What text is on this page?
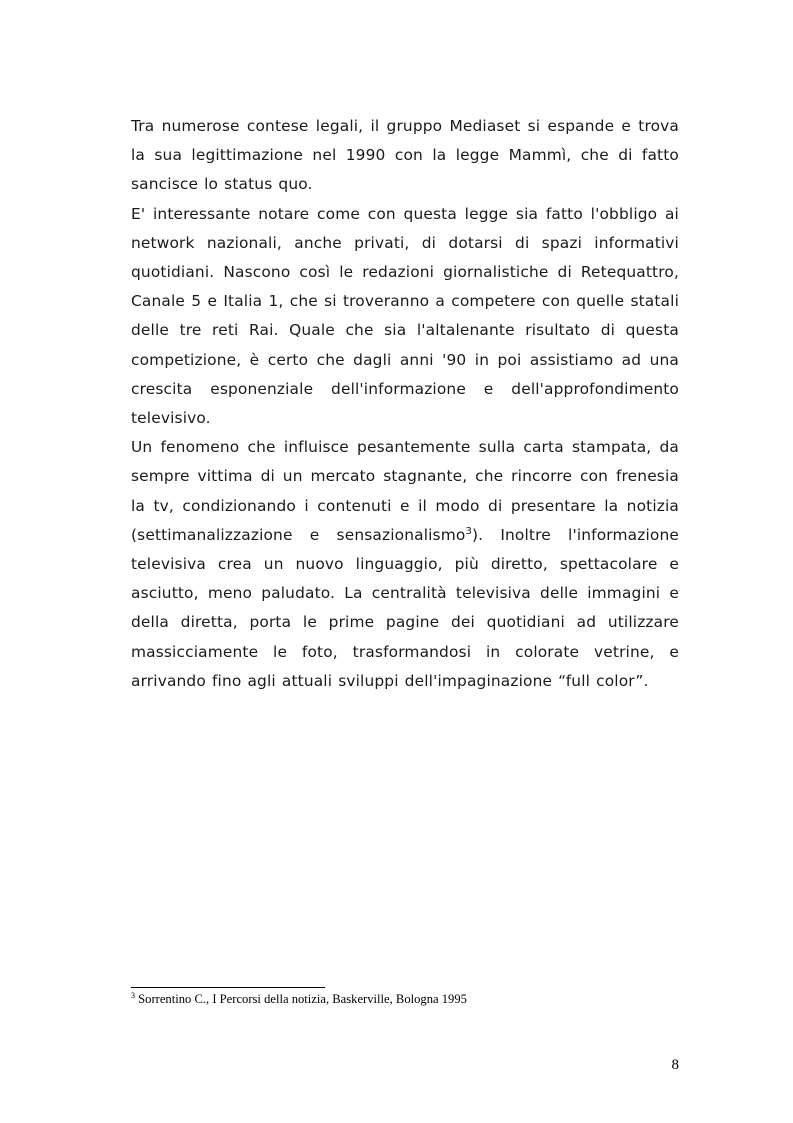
Tra numerose contese legali, il gruppo Mediaset si espande e trova la sua legittimazione nel 1990 con la legge Mammì, che di fatto sancisce lo status quo.

E' interessante notare come con questa legge sia fatto l'obbligo ai network nazionali, anche privati, di dotarsi di spazi informativi quotidiani. Nascono così le redazioni giornalistiche di Retequattro, Canale 5 e Italia 1, che si troveranno a competere con quelle statali delle tre reti Rai. Quale che sia l'altalenante risultato di questa competizione, è certo che dagli anni '90 in poi assistiamo ad una crescita esponenziale dell'informazione e dell'approfondimento televisivo.

Un fenomeno che influisce pesantemente sulla carta stampata, da sempre vittima di un mercato stagnante, che rincorre con frenesia la tv, condizionando i contenuti e il modo di presentare la notizia (settimanalizzazione e sensazionalismo$^3$). Inoltre l'informazione televisiva crea un nuovo linguaggio, più diretto, spettacolare e asciutto, meno paludato. La centralità televisiva delle immagini e della diretta, porta le prime pagine dei quotidiani ad utilizzare massicciamente le foto, trasformandosi in colorate vetrine, e arrivando fino agli attuali sviluppi dell'impaginazione “full color”.

$^3$ Sorrentino C., I Percorsi della notizia, Baskerville, Bologna 1995
8
